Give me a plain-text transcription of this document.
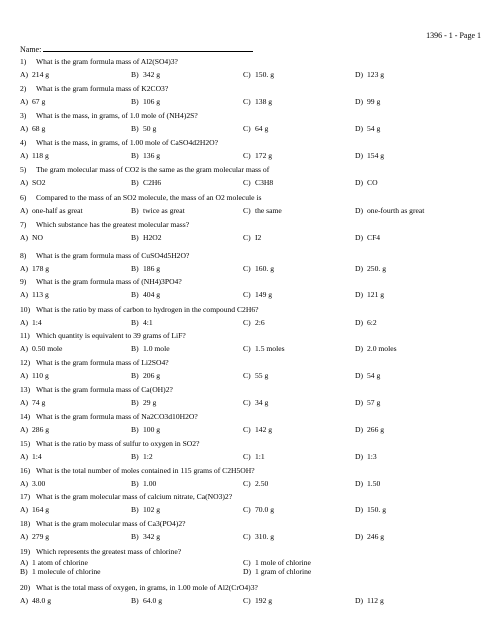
1396 - 1 - Page 1
Name:
1) What is the gram formula mass of Al2(SO4)3?
A) 214 g	B) 342 g	C) 150. g	D) 123 g
2) What is the gram formula mass of K2CO3?
A) 67 g	B) 106 g	C) 138 g	D) 99 g
3) What is the mass, in grams, of 1.0 mole of (NH4)2S?
A) 68 g	B) 50 g	C) 64 g	D) 54 g
4) What is the mass, in grams, of 1.00 mole of CaSO4d2H2O?
A) 118 g	B) 136 g	C) 172 g	D) 154 g
5) The gram molecular mass of CO2 is the same as the gram molecular mass of
A) SO2	B) C2H6	C) C3H8	D) CO
6) Compared to the mass of an SO2 molecule, the mass of an O2 molecule is
A) one-half as great	B) twice as great	C) the same	D) one-fourth as great
7) Which substance has the greatest molecular mass?
A) NO	B) H2O2	C) I2	D) CF4
8) What is the gram formula mass of CuSO4d5H2O?
A) 178 g	B) 186 g	C) 160. g	D) 250. g
9) What is the gram formula mass of (NH4)3PO4?
A) 113 g	B) 404 g	C) 149 g	D) 121 g
10) What is the ratio by mass of carbon to hydrogen in the compound C2H6?
A) 1:4	B) 4:1	C) 2:6	D) 6:2
11) Which quantity is equivalent to 39 grams of LiF?
A) 0.50 mole	B) 1.0 mole	C) 1.5 moles	D) 2.0 moles
12) What is the gram formula mass of Li2SO4?
A) 110 g	B) 206 g	C) 55 g	D) 54 g
13) What is the gram formula mass of Ca(OH)2?
A) 74 g	B) 29 g	C) 34 g	D) 57 g
14) What is the gram formula mass of Na2CO3d10H2O?
A) 286 g	B) 100 g	C) 142 g	D) 266 g
15) What is the ratio by mass of sulfur to oxygen in SO2?
A) 1:4	B) 1:2	C) 1:1	D) 1:3
16) What is the total number of moles contained in 115 grams of C2H5OH?
A) 3.00	B) 1.00	C) 2.50	D) 1.50
17) What is the gram molecular mass of calcium nitrate, Ca(NO3)2?
A) 164 g	B) 102 g	C) 70.0 g	D) 150. g
18) What is the gram molecular mass of Ca3(PO4)2?
A) 279 g	B) 342 g	C) 310. g	D) 246 g
19) Which represents the greatest mass of chlorine?
A) 1 atom of chlorine
B) 1 molecule of chlorine
C) 1 mole of chlorine
D) 1 gram of chlorine
20) What is the total mass of oxygen, in grams, in 1.00 mole of Al2(CrO4)3?
A) 48.0 g	B) 64.0 g	C) 192 g	D) 112 g
